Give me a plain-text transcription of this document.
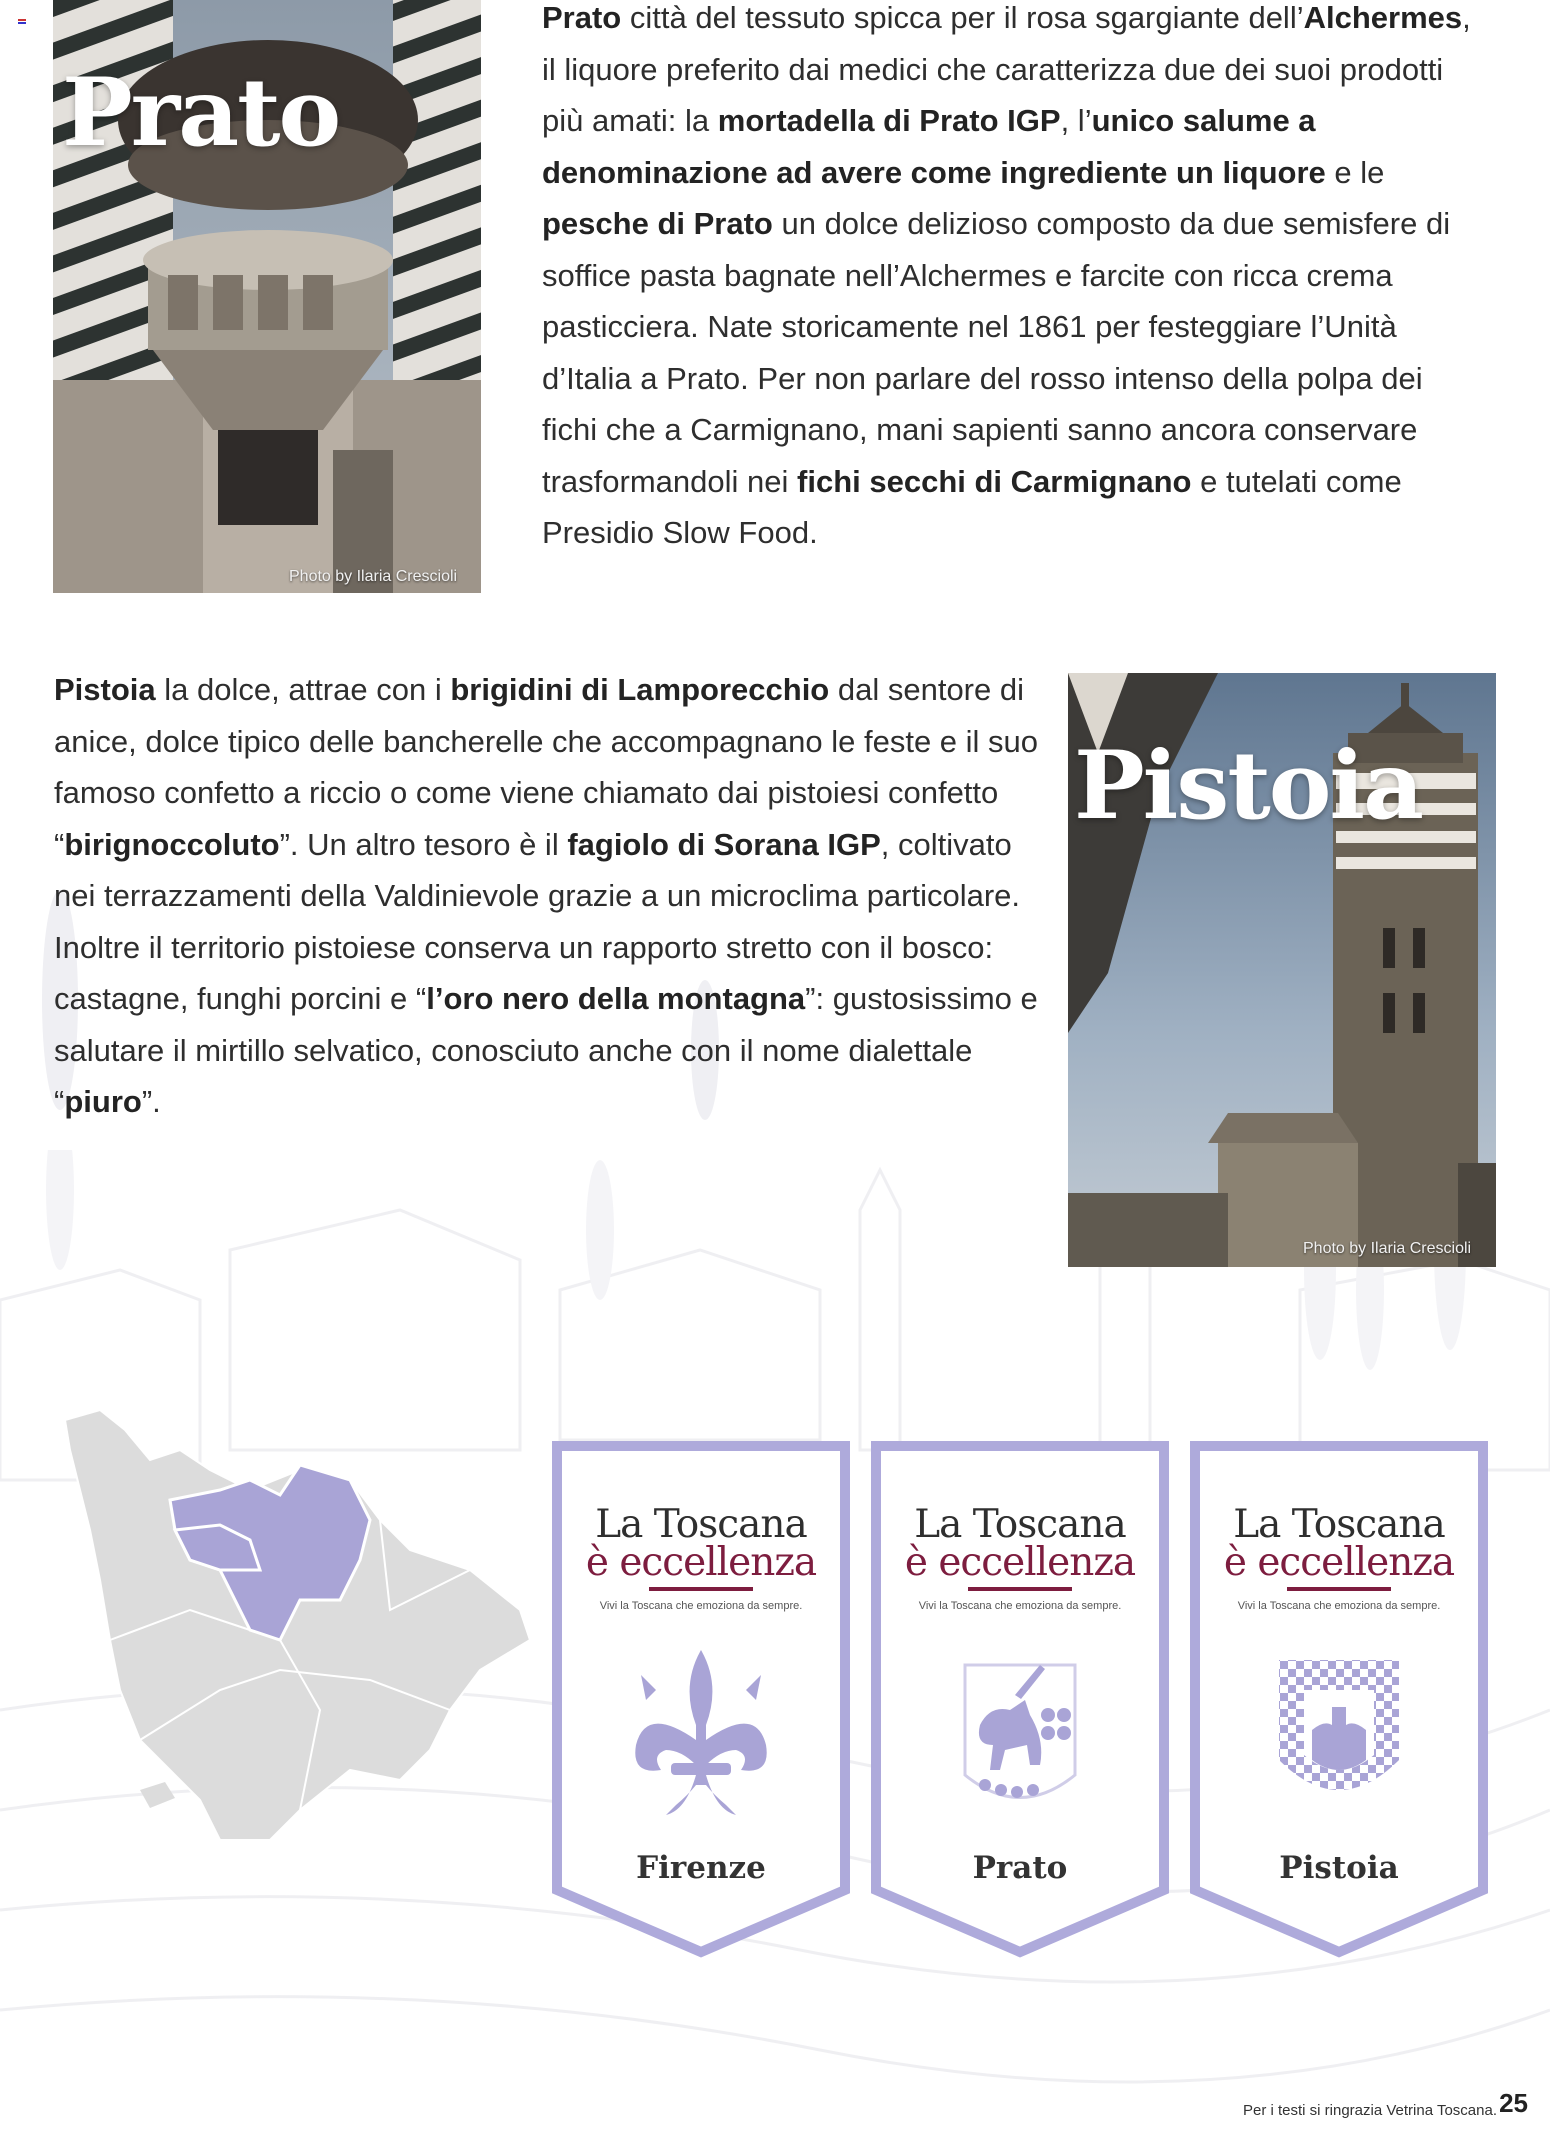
Prato
Photo by Ilaria Crescioli

Prato città del tessuto spicca per il rosa sgargiante dell’Alchermes, il liquore preferito dai medici che caratterizza due dei suoi prodotti più amati: la mortadella di Prato IGP, l’unico salume a denominazione ad avere come ingrediente un liquore e le pesche di Prato un dolce delizioso composto da due semisfere di soffice pasta bagnate nell’Alchermes e farcite con ricca crema pasticciera. Nate storicamente nel 1861 per festeggiare l’Unità d’Italia a Prato. Per non parlare del rosso intenso della polpa dei fichi che a Carmignano, mani sapienti sanno ancora conservare trasformandoli nei fichi secchi di Carmignano e tutelati come Presidio Slow Food.

Pistoia la dolce, attrae con i brigidini di Lamporecchio dal sentore di anice, dolce tipico delle bancherelle che accompagnano le feste e il suo famoso confetto a riccio o come viene chiamato dai pistoiesi confetto “birignoccoluto”. Un altro tesoro è il fagiolo di Sorana IGP, coltivato nei terrazzamenti della Valdinievole grazie a un microclima particolare. Inoltre il territorio pistoiese conserva un rapporto stretto con il bosco: castagne, funghi porcini e “l’oro nero della montagna”: gustosissimo e salutare il mirtillo selvatico, conosciuto anche con il nome dialettale “piuro”.

Pistoia
Photo by Ilaria Crescioli
La Toscana
è eccellenza
Vivi la Toscana che emoziona da sempre.
Firenze
La Toscana
è eccellenza
Vivi la Toscana che emoziona da sempre.
Prato
La Toscana
è eccellenza
Vivi la Toscana che emoziona da sempre.
Pistoia
Per i testi si ringrazia Vetrina Toscana. 25
